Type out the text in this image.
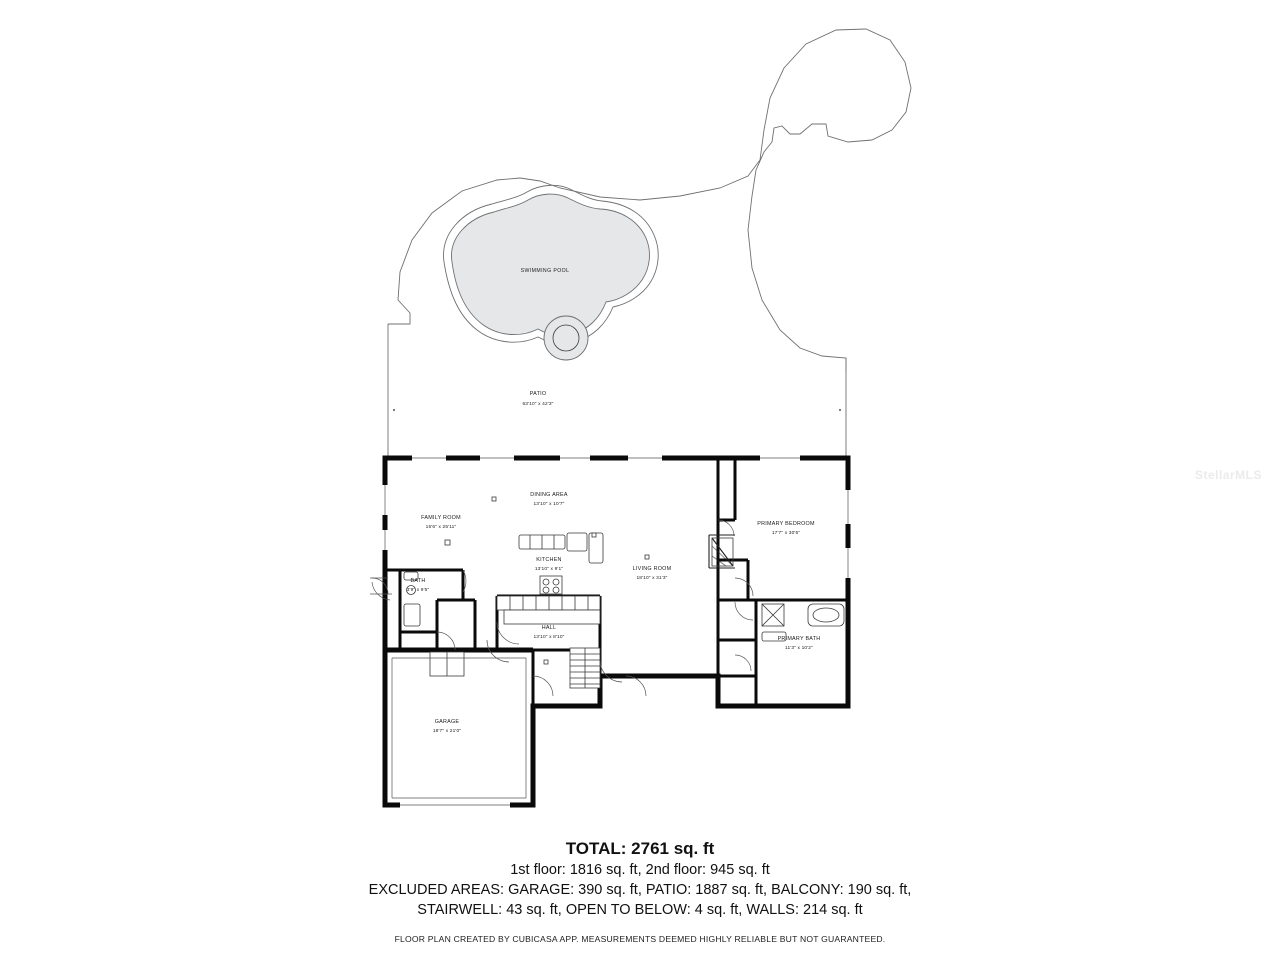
PATIO
63'10" x 42'3"
SWIMMING POOL
FAMILY ROOM
15'6" x 25'11"
DINING AREA
13'10" x 10'7"
KITCHEN
13'10" x 9'1"	LIVING ROOM
18'10" x 31'3"
BATH
3'9" x 9'5"
HALL
13'10" x 8'10"
GARAGE
18'7" x 21'0"
PRIMARY BEDROOM
17'7" x 30'5"
PRIMARY BATH
11'3" x 10'2"
StellarMLS
TOTAL: 2761 sq. ft
1st floor: 1816 sq. ft, 2nd floor: 945 sq. ft
EXCLUDED AREAS: GARAGE: 390 sq. ft, PATIO: 1887 sq. ft, BALCONY: 190 sq. ft,
STAIRWELL: 43 sq. ft, OPEN TO BELOW: 4 sq. ft, WALLS: 214 sq. ft
FLOOR PLAN CREATED BY CUBICASA APP. MEASUREMENTS DEEMED HIGHLY RELIABLE BUT NOT GUARANTEED.
